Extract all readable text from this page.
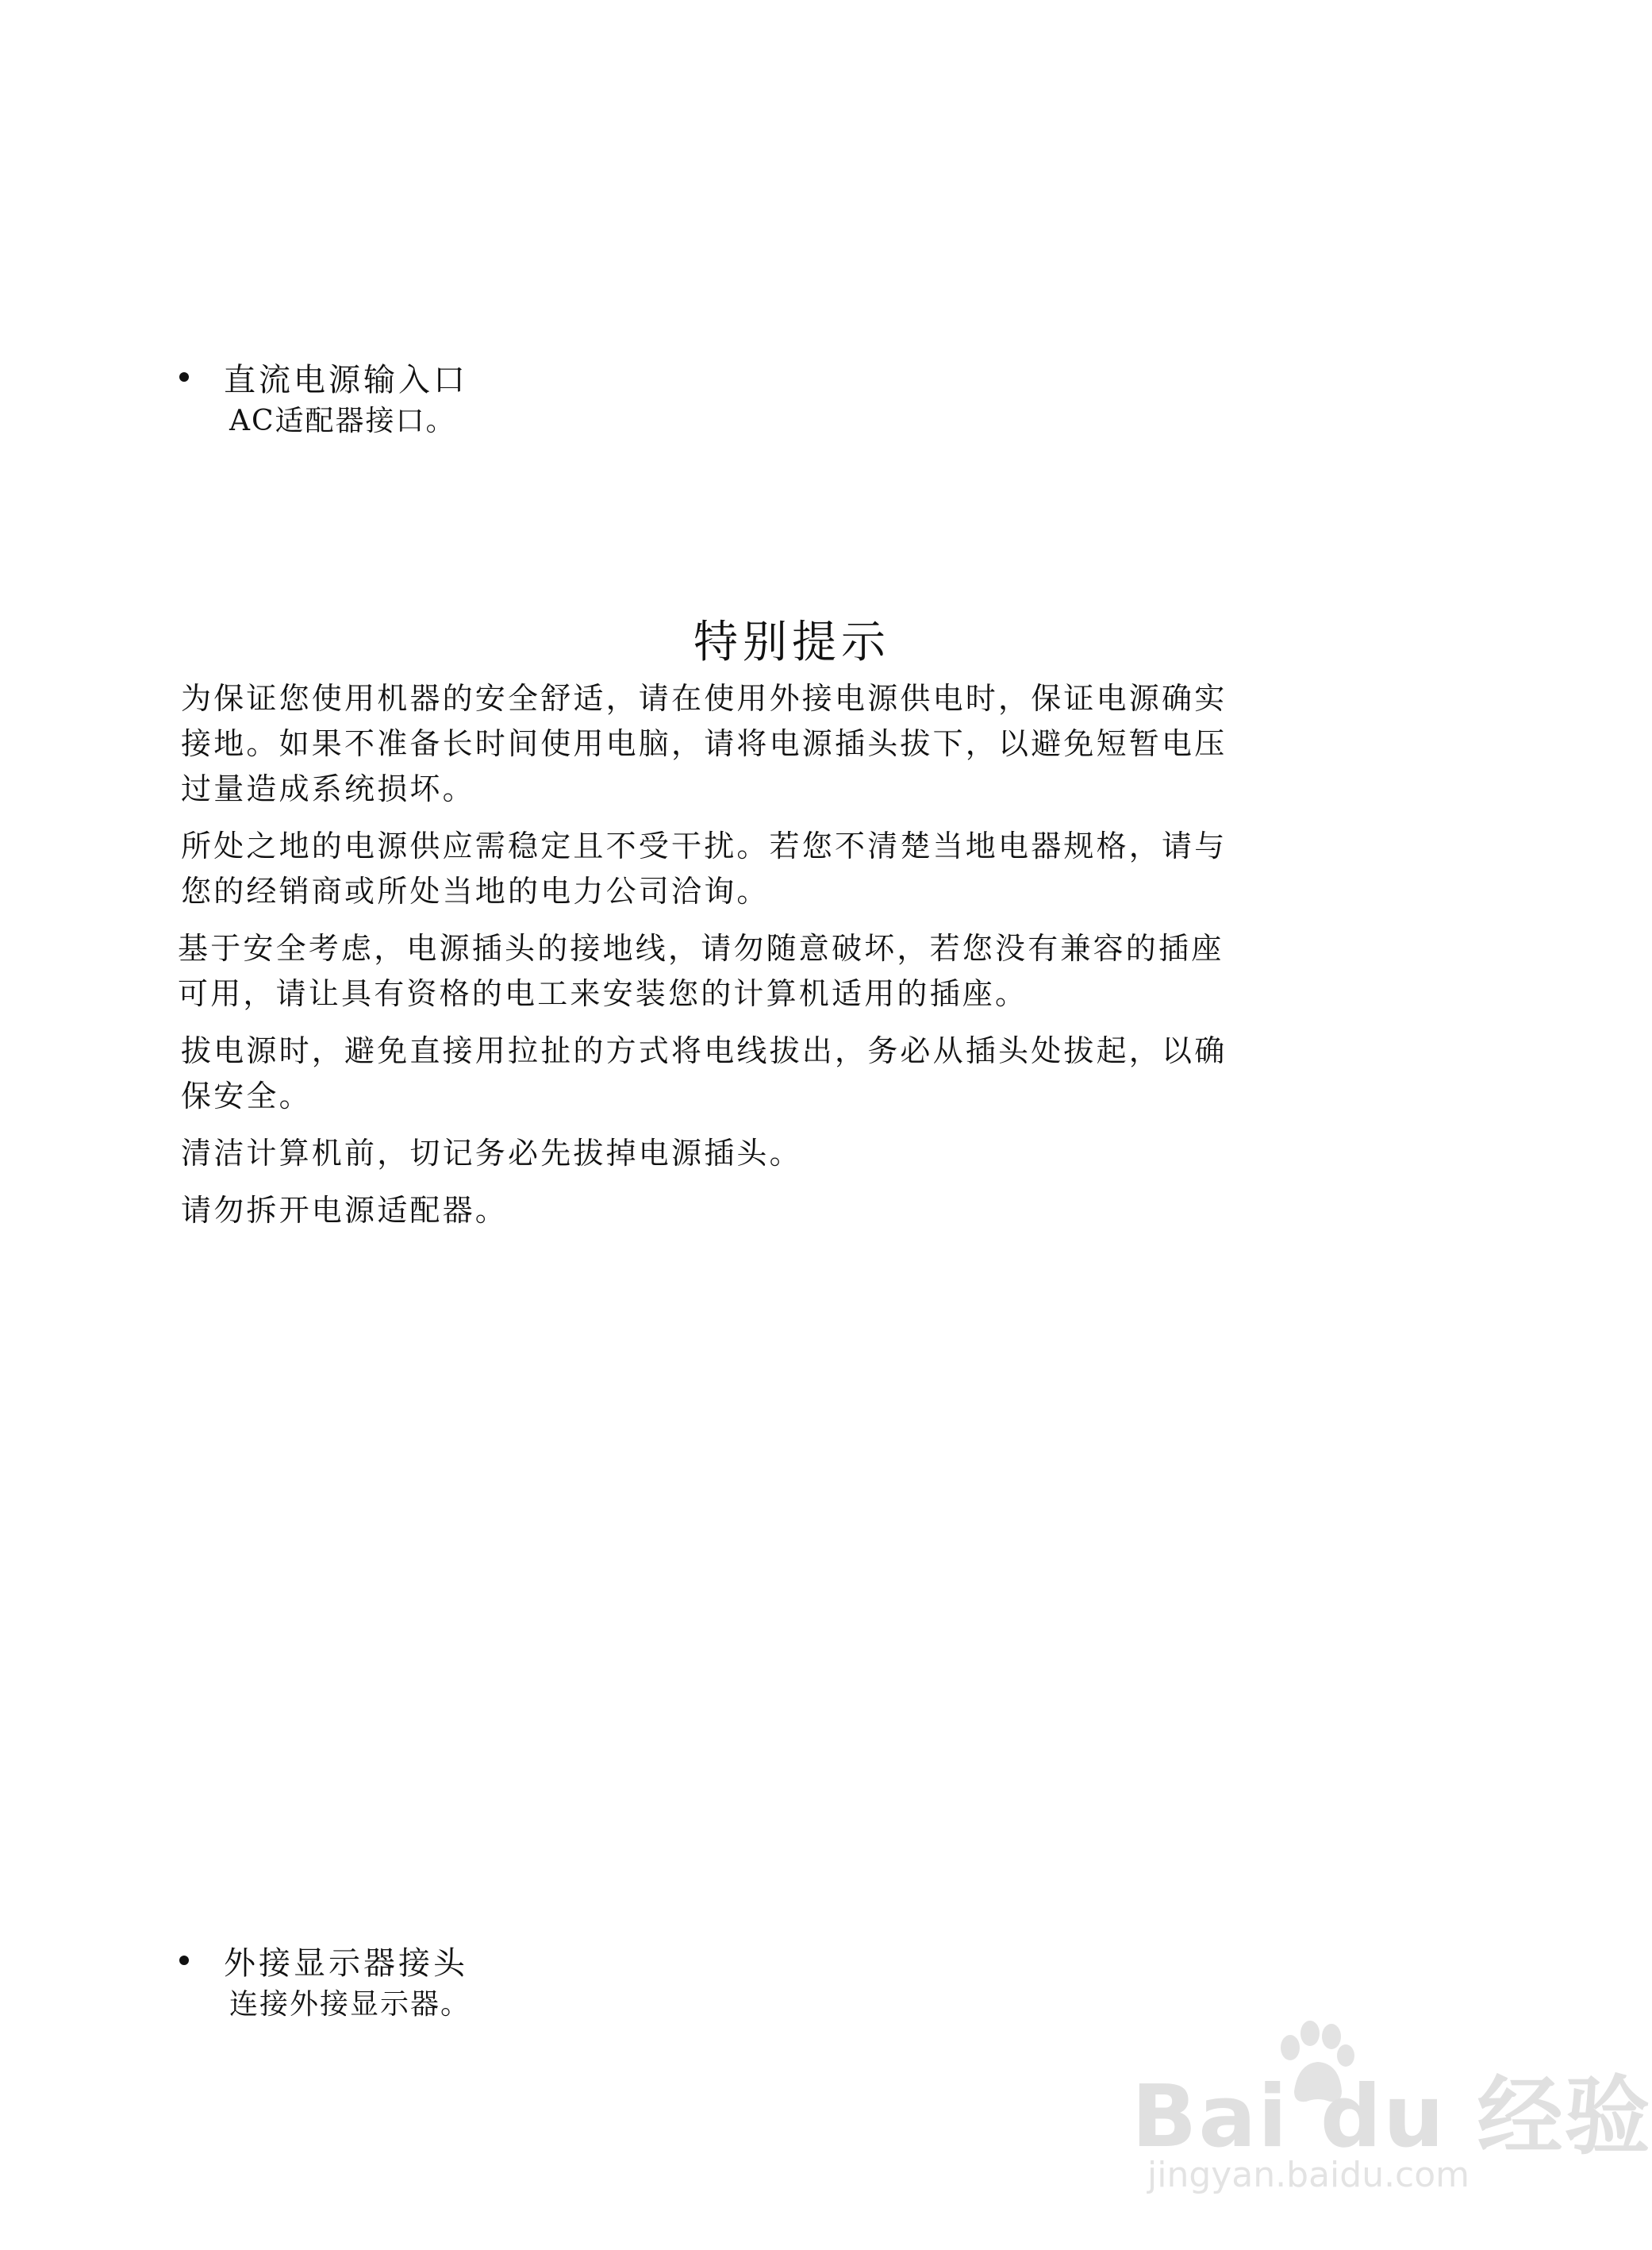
直流电源输入口
AC适配器接口。
特别提示

为保证您使用机器的安全舒适，请在使用外接电源供电时，保证电源确实
接地。如果不准备长时间使用电脑，请将电源插头拔下，以避免短暂电压
过量造成系统损坏。

所处之地的电源供应需稳定且不受干扰。若您不清楚当地电器规格，请与
您的经销商或所处当地的电力公司洽询。

基于安全考虑，电源插头的接地线，请勿随意破坏，若您没有兼容的插座
可用，请让具有资格的电工来安装您的计算机适用的插座。

拔电源时，避免直接用拉扯的方式将电线拔出，务必从插头处拔起，以确
保安全。

清洁计算机前，切记务必先拔掉电源插头。

请勿拆开电源适配器。

外接显示器接头
连接外接显示器。
Bai du 经验
jingyan.baidu.com
